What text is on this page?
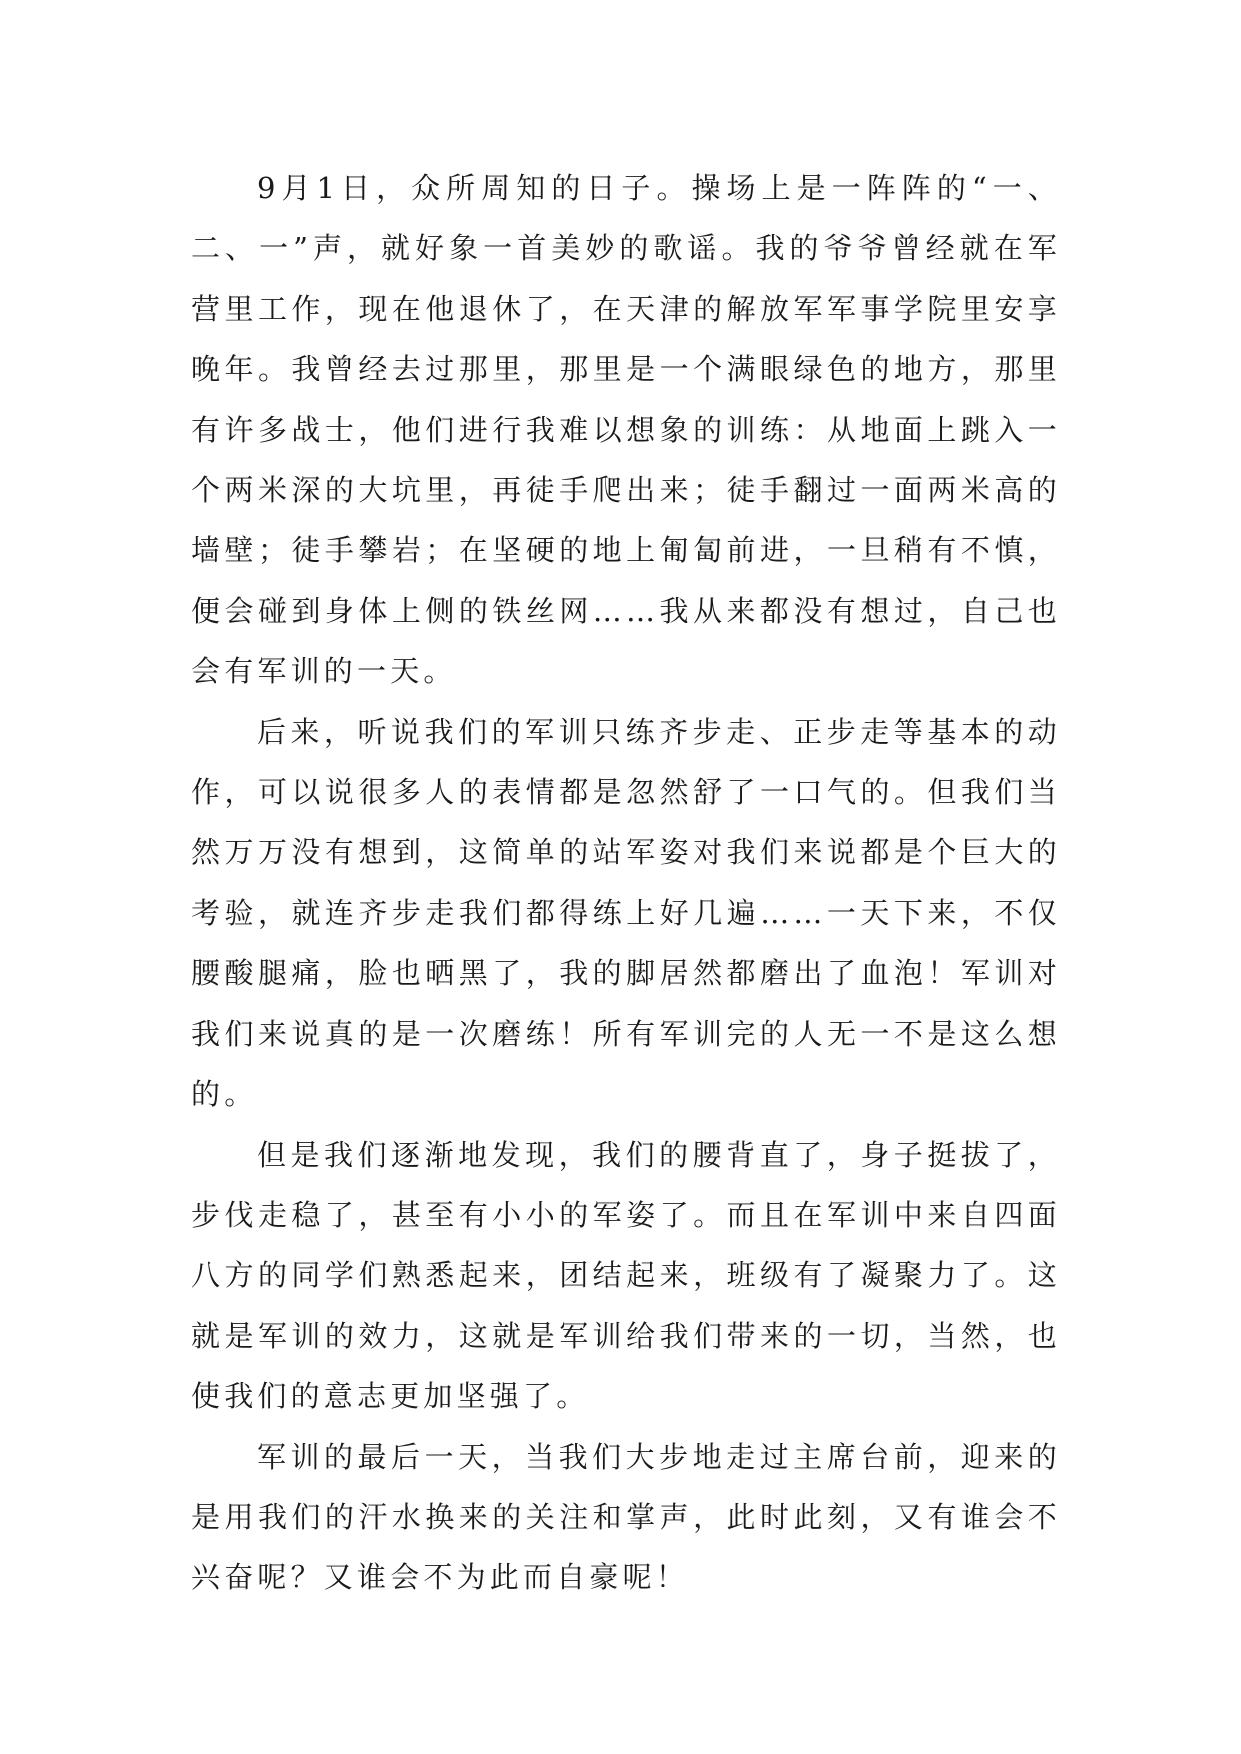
9月1日，众所周知的日子。操场上是一阵阵的“一、二、一”声，就好象一首美妙的歌谣。我的爷爷曾经就在军营里工作，现在他退休了，在天津的解放军军事学院里安享晚年。我曾经去过那里，那里是一个满眼绿色的地方，那里有许多战士，他们进行我难以想象的训练：从地面上跳入一个两米深的大坑里，再徒手爬出来；徒手翻过一面两米高的墙壁；徒手攀岩；在坚硬的地上匍匐前进，一旦稍有不慎，便会碰到身体上侧的铁丝网……我从来都没有想过，自己也会有军训的一天。

后来，听说我们的军训只练齐步走、正步走等基本的动作，可以说很多人的表情都是忽然舒了一口气的。但我们当然万万没有想到，这简单的站军姿对我们来说都是个巨大的考验，就连齐步走我们都得练上好几遍……一天下来，不仅腰酸腿痛，脸也晒黑了，我的脚居然都磨出了血泡！军训对我们来说真的是一次磨练！所有军训完的人无一不是这么想的。

但是我们逐渐地发现，我们的腰背直了，身子挺拔了，步伐走稳了，甚至有小小的军姿了。而且在军训中来自四面八方的同学们熟悉起来，团结起来，班级有了凝聚力了。这就是军训的效力，这就是军训给我们带来的一切，当然，也使我们的意志更加坚强了。

军训的最后一天，当我们大步地走过主席台前，迎来的是用我们的汗水换来的关注和掌声，此时此刻，又有谁会不兴奋呢？又谁会不为此而自豪呢！
